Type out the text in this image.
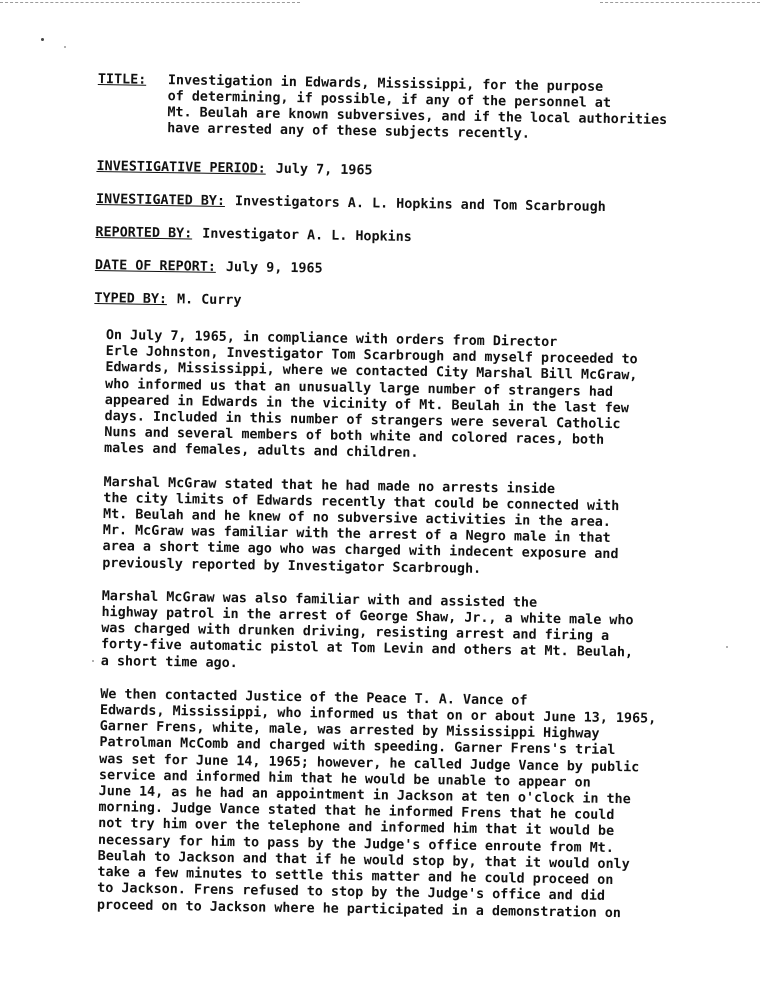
TITLE:	Investigation in Edwards, Mississippi, for the purpose
of determining, if possible, if any of the personnel at
Mt. Beulah are known subversives, and if the local authorities
have arrested any of these subjects recently.
INVESTIGATIVE PERIOD: July 7, 1965
INVESTIGATED BY: Investigators A. L. Hopkins and Tom Scarbrough
REPORTED BY: Investigator A. L. Hopkins
DATE OF REPORT: July 9, 1965
TYPED BY: M. Curry

On July 7, 1965, in compliance with orders from Director
Erle Johnston, Investigator Tom Scarbrough and myself proceeded to
Edwards, Mississippi, where we contacted City Marshal Bill McGraw,
who informed us that an unusually large number of strangers had
appeared in Edwards in the vicinity of Mt. Beulah in the last few
days. Included in this number of strangers were several Catholic
Nuns and several members of both white and colored races, both
males and females, adults and children.

Marshal McGraw stated that he had made no arrests inside
the city limits of Edwards recently that could be connected with
Mt. Beulah and he knew of no subversive activities in the area.
Mr. McGraw was familiar with the arrest of a Negro male in that
area a short time ago who was charged with indecent exposure and
previously reported by Investigator Scarbrough.

Marshal McGraw was also familiar with and assisted the
highway patrol in the arrest of George Shaw, Jr., a white male who
was charged with drunken driving, resisting arrest and firing a
forty-five automatic pistol at Tom Levin and others at Mt. Beulah,
a short time ago.

We then contacted Justice of the Peace T. A. Vance of
Edwards, Mississippi, who informed us that on or about June 13, 1965,
Garner Frens, white, male, was arrested by Mississippi Highway
Patrolman McComb and charged with speeding. Garner Frens's trial
was set for June 14, 1965; however, he called Judge Vance by public
service and informed him that he would be unable to appear on
June 14, as he had an appointment in Jackson at ten o'clock in the
morning. Judge Vance stated that he informed Frens that he could
not try him over the telephone and informed him that it would be
necessary for him to pass by the Judge's office enroute from Mt.
Beulah to Jackson and that if he would stop by, that it would only
take a few minutes to settle this matter and he could proceed on
to Jackson. Frens refused to stop by the Judge's office and did
proceed on to Jackson where he participated in a demonstration on
